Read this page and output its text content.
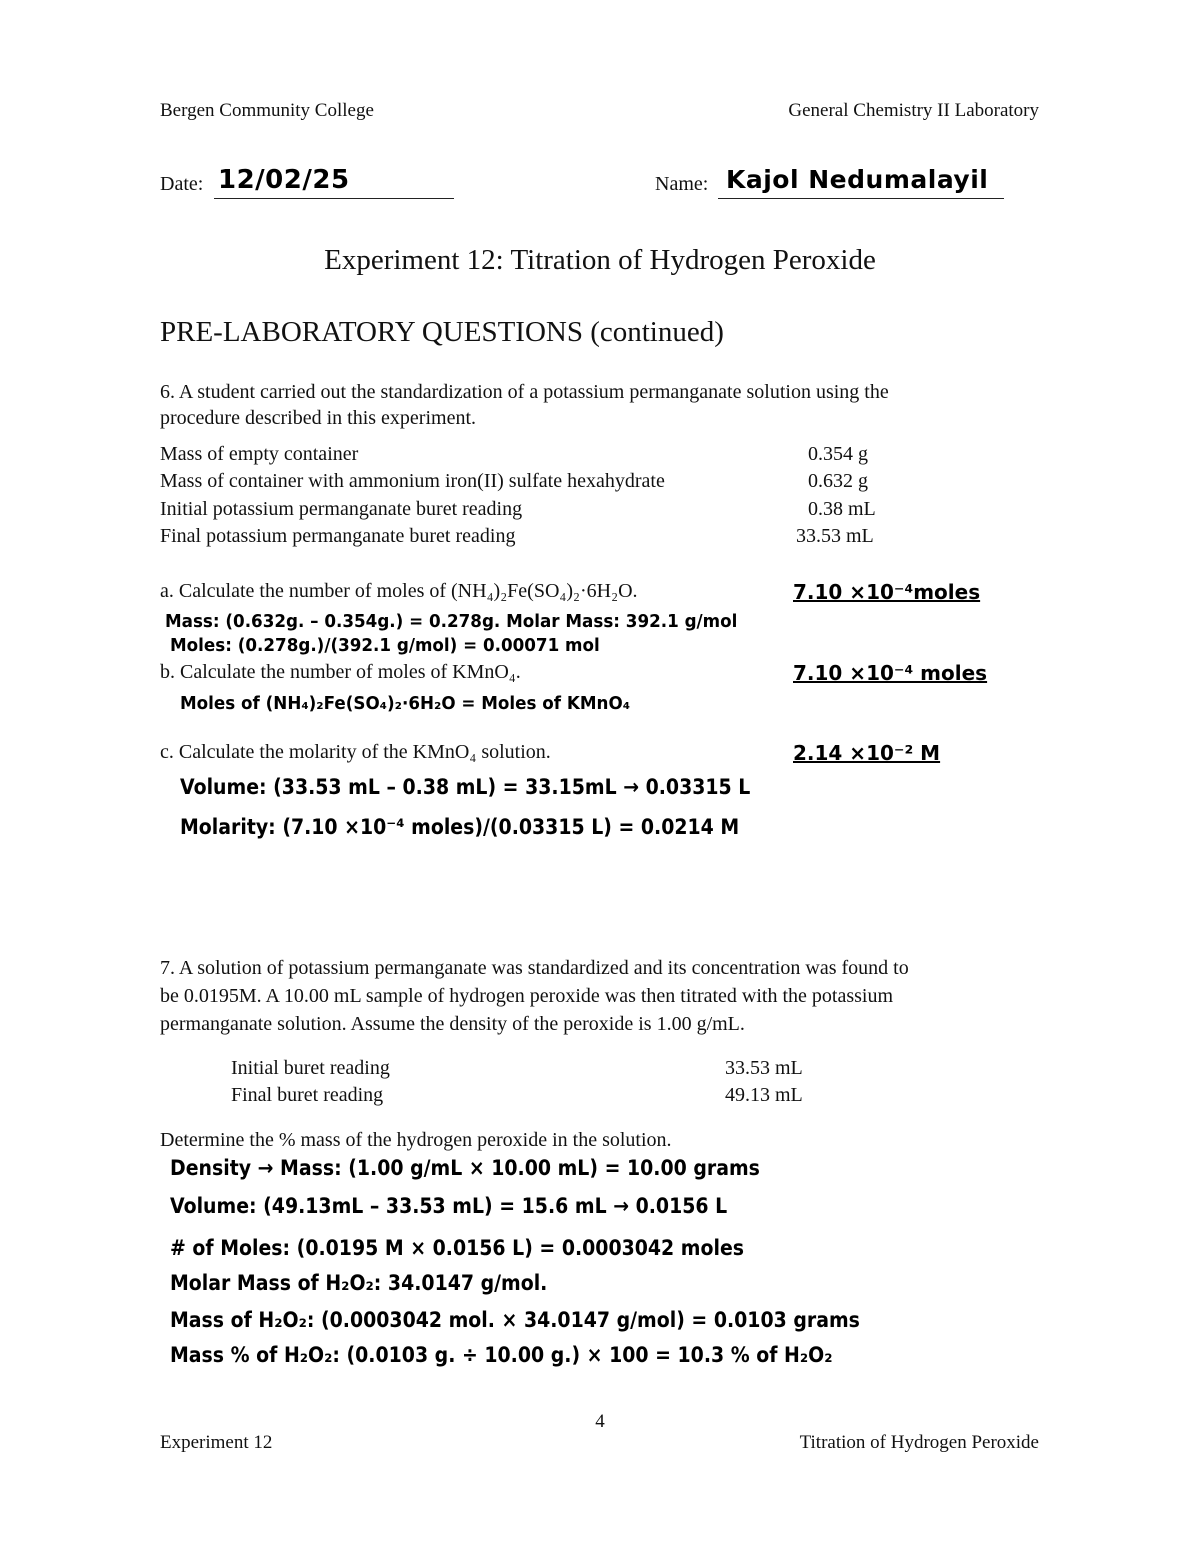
Bergen Community College	General Chemistry II Laboratory
Date: 12/02/25	Name: Kajol Nedumalayil
Experiment 12: Titration of Hydrogen Peroxide
PRE-LABORATORY QUESTIONS (continued)
6. A student carried out the standardization of a potassium permanganate solution using the
procedure described in this experiment.
Mass of empty container	0.354 g
Mass of container with ammonium iron(II) sulfate hexahydrate	0.632 g
Initial potassium permanganate buret reading	0.38 mL
Final potassium permanganate buret reading	33.53 mL
a. Calculate the number of moles of (NH₄)₂Fe(SO₄)₂·6H₂O.	7.10 ×10⁻⁴moles
Mass: (0.632g. – 0.354g.) = 0.278g. Molar Mass: 392.1 g/mol
Moles: (0.278g.)/(392.1 g/mol) = 0.00071 mol
b. Calculate the number of moles of KMnO₄.	7.10 ×10⁻⁴ moles
Moles of (NH₄)₂Fe(SO₄)₂·6H₂O = Moles of KMnO₄
c. Calculate the molarity of the KMnO₄ solution.	2.14 ×10⁻² M
Volume: (33.53 mL – 0.38 mL) = 33.15mL → 0.03315 L
Molarity: (7.10 ×10⁻⁴ moles)/(0.03315 L) = 0.0214 M
7. A solution of potassium permanganate was standardized and its concentration was found to
be 0.0195M. A 10.00 mL sample of hydrogen peroxide was then titrated with the potassium
permanganate solution. Assume the density of the peroxide is 1.00 g/mL.
Initial buret reading	33.53 mL
Final buret reading	49.13 mL
Determine the % mass of the hydrogen peroxide in the solution.
Density → Mass: (1.00 g/mL × 10.00 mL) = 10.00 grams
Volume: (49.13mL – 33.53 mL) = 15.6 mL → 0.0156 L
# of Moles: (0.0195 M × 0.0156 L) = 0.0003042 moles
Molar Mass of H₂O₂: 34.0147 g/mol.
Mass of H₂O₂: (0.0003042 mol. × 34.0147 g/mol) = 0.0103 grams
Mass % of H₂O₂: (0.0103 g. ÷ 10.00 g.) × 100 = 10.3 % of H₂O₂
4
Experiment 12	Titration of Hydrogen Peroxide
